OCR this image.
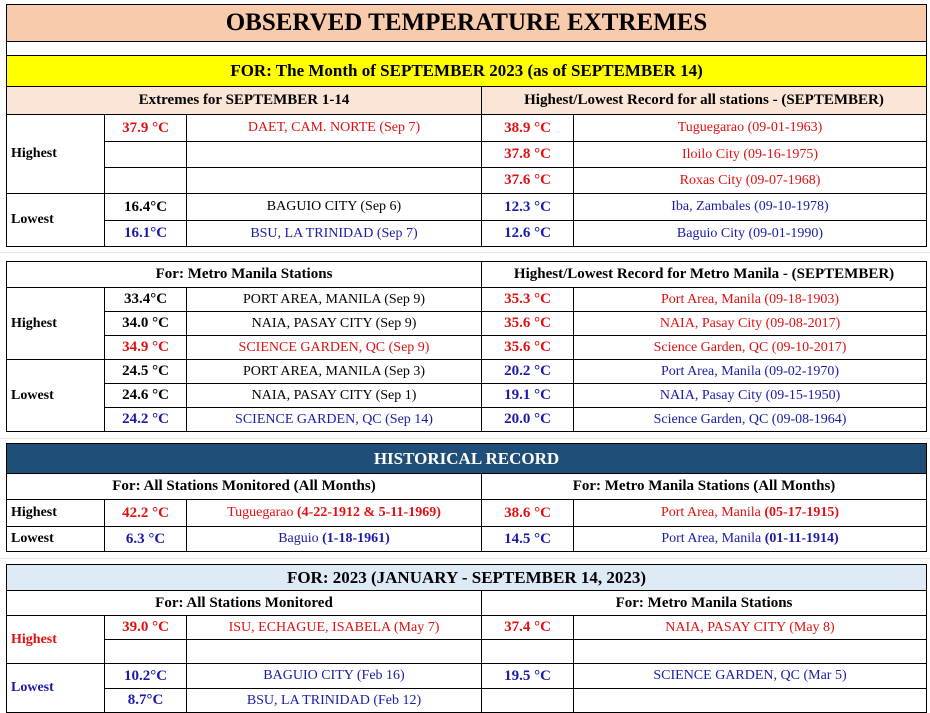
OBSERVED TEMPERATURE EXTREMES

FOR: The Month of SEPTEMBER 2023 (as of SEPTEMBER 14)
Extremes for SEPTEMBER 1-14			Highest/Lowest Record for all stations - (SEPTEMBER)	
Highest	37.9 °C	DAET, CAM. NORTE (Sep 7)	38.9 °C	Tuguegarao (09-01-1963)
			37.8 °C	Iloilo City (09-16-1975)
			37.6 °C	Roxas City (09-07-1968)
Lowest	16.4°C	BAGUIO CITY (Sep 6)	12.3 °C	Iba, Zambales (09-10-1978)
	16.1°C	BSU, LA TRINIDAD (Sep 7)	12.6 °C	Baguio City (09-01-1990)
For: Metro Manila Stations			Highest/Lowest Record for Metro Manila - (SEPTEMBER)	
Highest	33.4°C	PORT AREA, MANILA (Sep 9)	35.3 °C	Port Area, Manila (09-18-1903)
	34.0 °C	NAIA, PASAY CITY (Sep 9)	35.6 °C	NAIA, Pasay City (09-08-2017)
	34.9 °C	SCIENCE GARDEN, QC (Sep 9)	35.6 °C	Science Garden, QC (09-10-2017)
Lowest	24.5 °C	PORT AREA, MANILA (Sep 3)	20.2 °C	Port Area, Manila (09-02-1970)
	24.6 °C	NAIA, PASAY CITY (Sep 1)	19.1 °C	NAIA, Pasay City (09-15-1950)
	24.2 °C	SCIENCE GARDEN, QC (Sep 14)	20.0 °C	Science Garden, QC (09-08-1964)
HISTORICAL RECORD				
For: All Stations Monitored (All Months)			For: Metro Manila Stations (All Months)	
Highest	42.2 °C	Tuguegarao (4-22-1912 & 5-11-1969)	38.6 °C	Port Area, Manila (05-17-1915)
Lowest	6.3 °C	Baguio (1-18-1961)	14.5 °C	Port Area, Manila (01-11-1914)
FOR: 2023 (JANUARY - SEPTEMBER 14, 2023)				
For: All Stations Monitored			For: Metro Manila Stations	
Highest	39.0 °C	ISU, ECHAGUE, ISABELA (May 7)	37.4 °C	NAIA, PASAY CITY (May 8)

Lowest	10.2°C	BAGUIO CITY (Feb 16)	19.5 °C	SCIENCE GARDEN, QC (Mar 5)
	8.7°C	BSU, LA TRINIDAD (Feb 12)		
